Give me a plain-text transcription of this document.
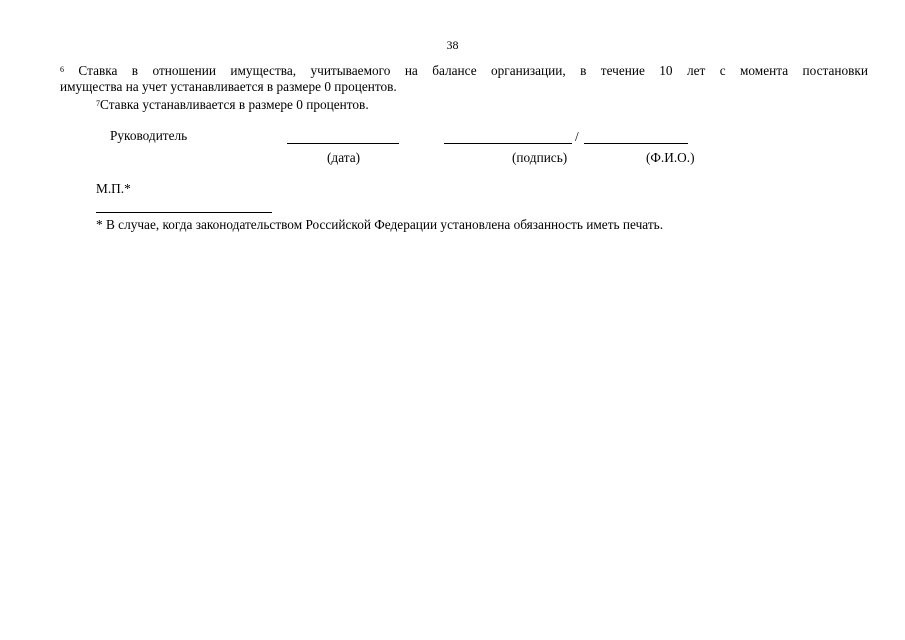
38
$^6$ Ставка в отношении имущества, учитываемого на балансе организации, в течение 10 лет с момента постановки
имущества на учет устанавливается в размере 0 процентов.
$^7$Ставка устанавливается в размере 0 процентов.
Руководитель	/
(дата)	(подпись)	(Ф.И.О.)
М.П.*
* В случае, когда законодательством Российской Федерации установлена обязанность иметь печать.
